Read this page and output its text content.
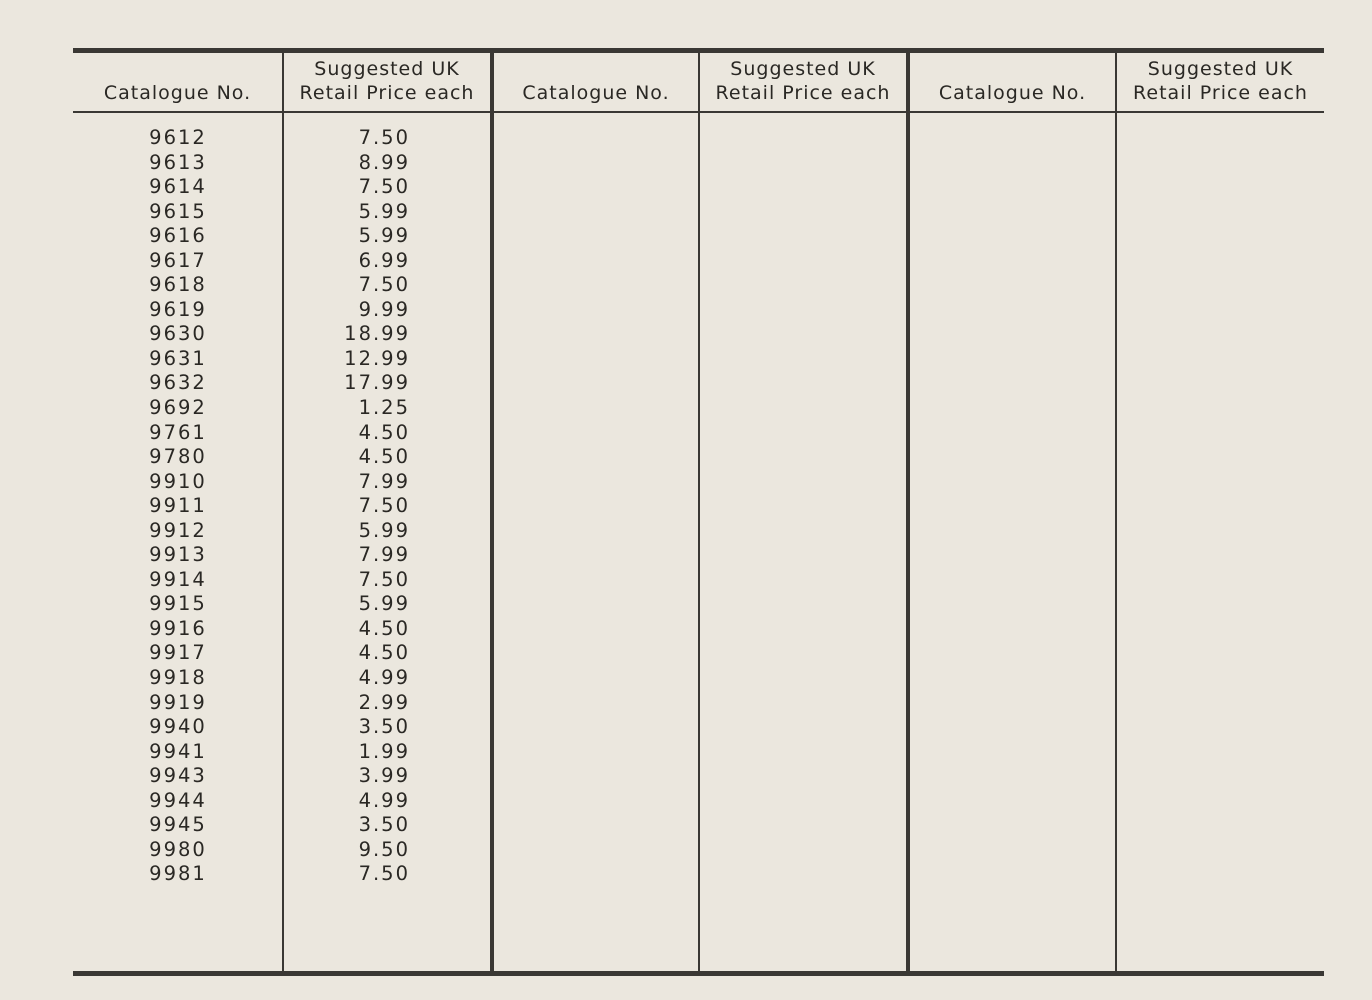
Catalogue No.
Suggested UK
Retail Price each	Catalogue No.
Suggested UK
Retail Price each	Catalogue No.
Suggested UK
Retail Price each
9612
9613
9614
9615
9616
9617
9618
9619
9630
9631
9632
9692
9761
9780
9910
9911
9912
9913
9914
9915
9916
9917
9918
9919
9940
9941
9943
9944
9945
9980
9981
7.50
8.99
7.50
5.99
5.99
6.99
7.50
9.99
18.99
12.99
17.99
1.25
4.50
4.50
7.99
7.50
5.99
7.99
7.50
5.99
4.50
4.50
4.99
2.99
3.50
1.99
3.99
4.99
3.50
9.50
7.50
